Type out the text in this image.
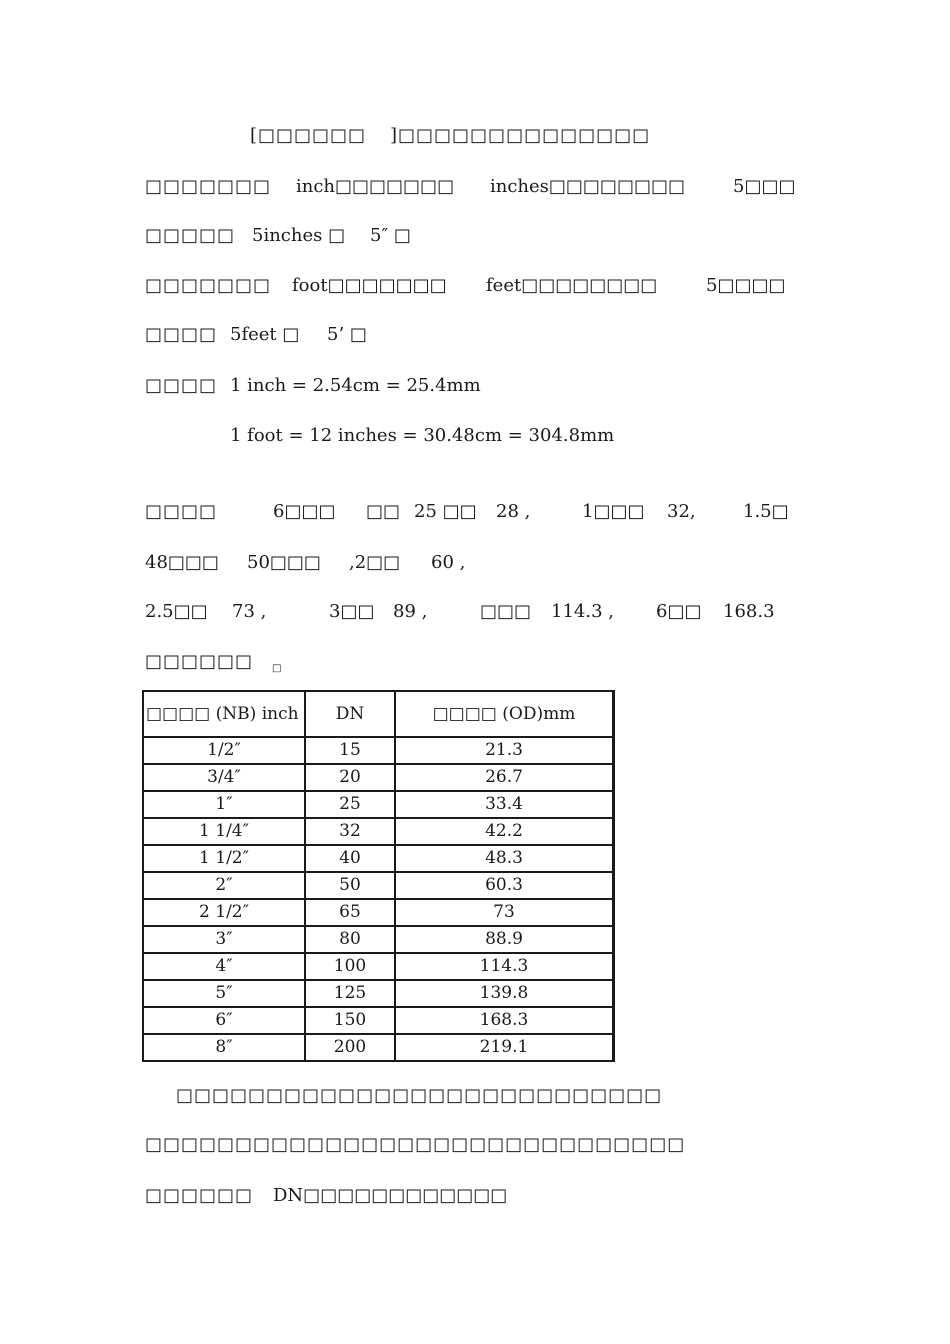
[□□□□□□ ]□□□□□□□□□□□□□□
□□□□□□□ inch□□□□□□□ inches□□□□□□□□	5□□□
□□□□□ 5inches □ 5″ □
□□□□□□□ foot□□□□□□□ feet□□□□□□□□	5□□□□
□□□□ 5feet □ 5’ □
□□□□ 1 inch = 2.54cm = 25.4mm
1 foot = 12 inches = 30.48cm = 304.8mm
□□□□	6□□□ □□ 25 □□ 28 ,	1□□□ 32,	1.5□
48□□□ 50□□□ ,2□□ 60 ,
2.5□□ 73 ,	3□□ 89 ,	□□□ 114.3 , 6□□ 168.3
□□□□□□ □
□□□□ (NB) inch	DN	□□□□ (OD)mm
1/2″	15	21.3
3/4″	20	26.7
1″	25	33.4
1 1/4″	32	42.2
1 1/2″	40	48.3
2″	50	60.3
2 1/2″	65	73
3″	80	88.9
4″	100	114.3
5″	125	139.8
6″	150	168.3
8″	200	219.1
□□□□□□□□□□□□□□□□□□□□□□□□□□□
□□□□□□□□□□□□□□□□□□□□□□□□□□□□□□
□□□□□□ DN□□□□□□□□□□□□
